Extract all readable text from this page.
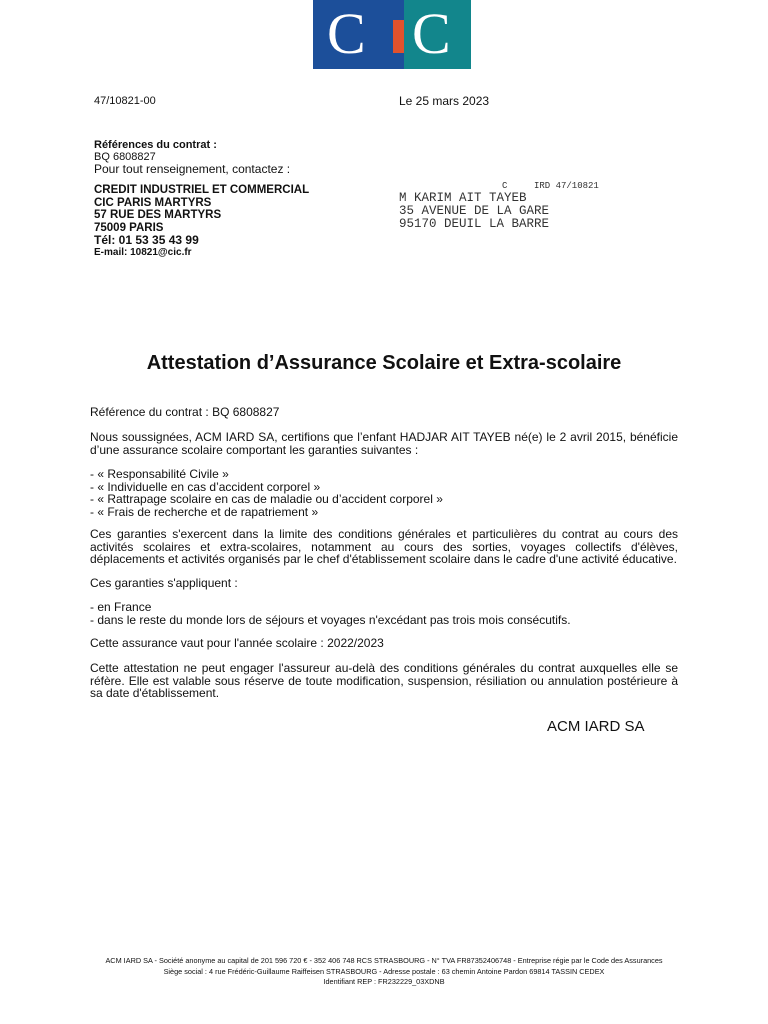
C C
47/10821-00	Le 25 mars 2023
Références du contrat :
BQ 6808827
Pour tout renseignement, contactez :
CREDIT INDUSTRIEL ET COMMERCIAL
CIC PARIS MARTYRS
57 RUE DES MARTYRS
75009 PARIS
Tél: 01 53 35 43 99
E-mail: 10821@cic.fr
C	IRD 47/10821
M KARIM AIT TAYEB
35 AVENUE DE LA GARE
95170 DEUIL LA BARRE
Attestation d’Assurance Scolaire et Extra-scolaire
Référence du contrat : BQ 6808827
Nous soussignées, ACM IARD SA, certifions que l’enfant HADJAR AIT TAYEB né(e) le 2 avril 2015, bénéficie d’une assurance scolaire comportant les garanties suivantes :
- « Responsabilité Civile »
- « Individuelle en cas d’accident corporel »
- « Rattrapage scolaire en cas de maladie ou d’accident corporel »
- « Frais de recherche et de rapatriement »
Ces garanties s'exercent dans la limite des conditions générales et particulières du contrat au cours des activités scolaires et extra-scolaires, notamment au cours des sorties, voyages collectifs d'élèves, déplacements et activités organisés par le chef d'établissement scolaire dans le cadre d'une activité éducative.
Ces garanties s'appliquent :
- en France
- dans le reste du monde lors de séjours et voyages n'excédant pas trois mois consécutifs.
Cette assurance vaut pour l'année scolaire : 2022/2023
Cette attestation ne peut engager l'assureur au-delà des conditions générales du contrat auxquelles elle se réfère. Elle est valable sous réserve de toute modification, suspension, résiliation ou annulation postérieure à sa date d'établissement.
ACM IARD SA
ACM IARD SA - Société anonyme au capital de 201 596 720 € - 352 406 748 RCS STRASBOURG - N° TVA FR87352406748 - Entreprise régie par le Code des Assurances
Siège social : 4 rue Frédéric-Guillaume Raiffeisen STRASBOURG - Adresse postale : 63 chemin Antoine Pardon 69814 TASSIN CEDEX
Identifiant REP : FR232229_03XDNB
